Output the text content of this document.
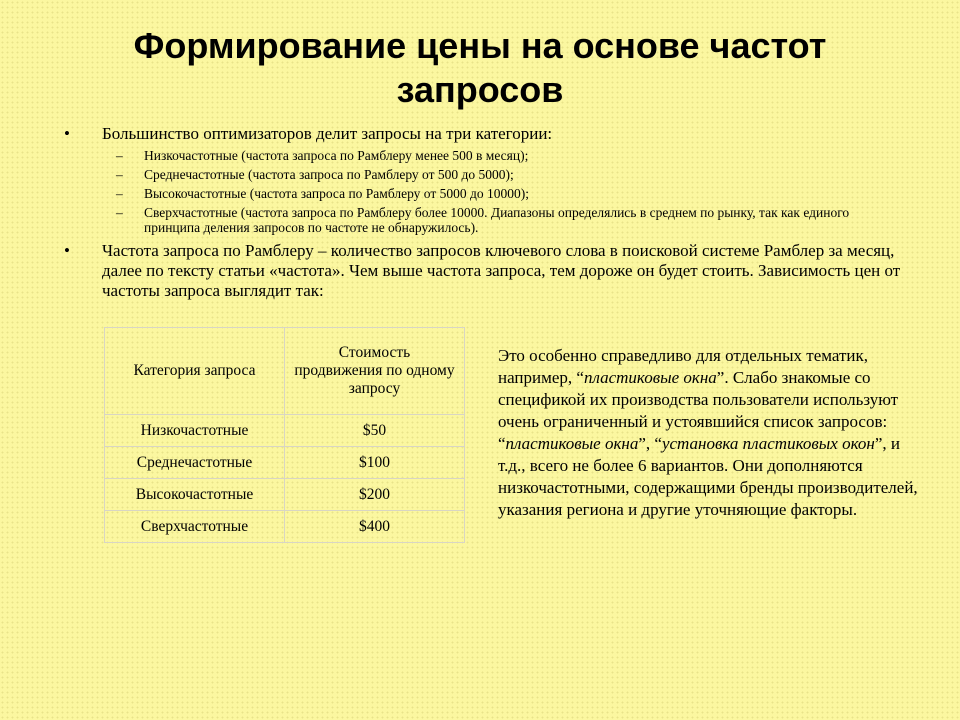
Формирование цены на основе частот запросов
• Большинство оптимизаторов делит запросы на три категории:
– Низкочастотные (частота запроса по Рамблеру менее 500 в месяц);
– Среднечастотные (частота запроса по Рамблеру от 500 до 5000);
– Высокочастотные (частота запроса по Рамблеру от 5000 до 10000);
– Сверхчастотные (частота запроса по Рамблеру более 10000. Диапазоны определялись в среднем по рынку, так как единого принципа деления запросов по частоте не обнаружилось).
• Частота запроса по Рамблеру – количество запросов ключевого слова в поисковой системе Рамблер за месяц, далее по тексту статьи «частота». Чем выше частота запроса, тем дороже он будет стоить. Зависимость цен от частоты запроса выглядит так:
Категория запроса	Стоимость продвижения по одному запросу
Низкочастотные	$50
Среднечастотные	$100
Высокочастотные	$200
Сверхчастотные	$400
Это особенно справедливо для отдельных тематик, например, “пластиковые окна”. Слабо знакомые со спецификой их производства пользователи используют очень ограниченный и устоявшийся список запросов: “пластиковые окна”, “установка пластиковых окон”, и т.д., всего не более 6 вариантов. Они дополняются низкочастотными, содержащими бренды производителей, указания региона и другие уточняющие факторы.
